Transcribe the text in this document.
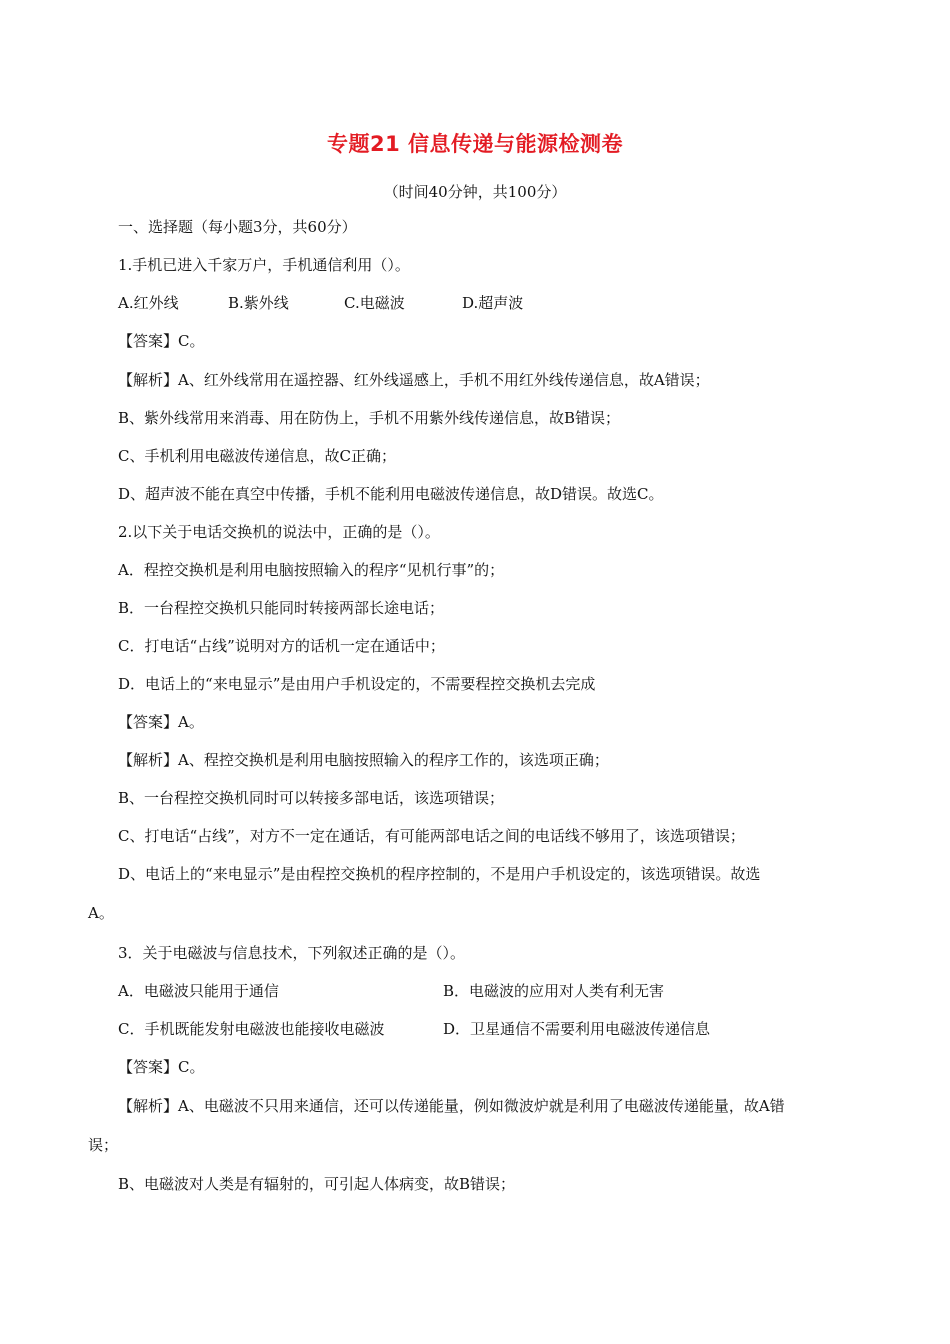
专题21 信息传递与能源检测卷
（时间40分钟，共100分）
一、选择题（每小题3分，共60分）
1.手机已进入千家万户，手机通信利用（）。
A.红外线	B.紫外线	C.电磁波	D.超声波
【答案】C。
【解析】A、红外线常用在遥控器、红外线遥感上，手机不用红外线传递信息，故A错误；
B、紫外线常用来消毒、用在防伪上，手机不用紫外线传递信息，故B错误；
C、手机利用电磁波传递信息，故C正确；
D、超声波不能在真空中传播，手机不能利用电磁波传递信息，故D错误。故选C。
2.以下关于电话交换机的说法中，正确的是（）。
A．程控交换机是利用电脑按照输入的程序“见机行事”的；
B．一台程控交换机只能同时转接两部长途电话；
C．打电话“占线”说明对方的话机一定在通话中；
D．电话上的“来电显示”是由用户手机设定的，不需要程控交换机去完成
【答案】A。
【解析】A、程控交换机是利用电脑按照输入的程序工作的，该选项正确；
B、一台程控交换机同时可以转接多部电话，该选项错误；
C、打电话“占线”，对方不一定在通话，有可能两部电话之间的电话线不够用了，该选项错误；
D、电话上的“来电显示”是由程控交换机的程序控制的，不是用户手机设定的，该选项错误。故选
A。
3．关于电磁波与信息技术，下列叙述正确的是（）。
A．电磁波只能用于通信	B．电磁波的应用对人类有利无害
C．手机既能发射电磁波也能接收电磁波	D．卫星通信不需要利用电磁波传递信息
【答案】C。
【解析】A、电磁波不只用来通信，还可以传递能量，例如微波炉就是利用了电磁波传递能量，故A错
误；
B、电磁波对人类是有辐射的，可引起人体病变，故B错误；
